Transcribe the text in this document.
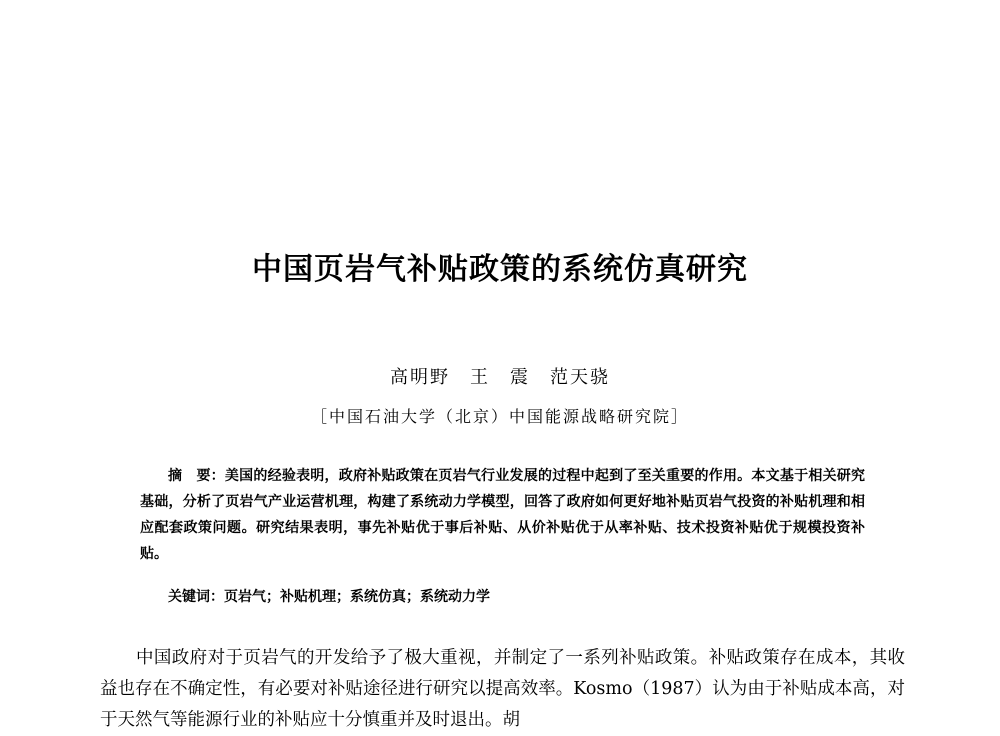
中国页岩气补贴政策的系统仿真研究
高明野　王　震　范天骁
［中国石油大学（北京）中国能源战略研究院］
摘　要：美国的经验表明，政府补贴政策在页岩气行业发展的过程中起到了至关重要的作用。本文基于相关研究基础，分析了页岩气产业运营机理，构建了系统动力学模型，回答了政府如何更好地补贴页岩气投资的补贴机理和相应配套政策问题。研究结果表明，事先补贴优于事后补贴、从价补贴优于从率补贴、技术投资补贴优于规模投资补贴。
关键词：页岩气；补贴机理；系统仿真；系统动力学
中国政府对于页岩气的开发给予了极大重视，并制定了一系列补贴政策。补贴政策存在成本，其收益也存在不确定性，有必要对补贴途径进行研究以提高效率。Kosmo（1987）认为由于补贴成本高，对于天然气等能源行业的补贴应十分慎重并及时退出。胡
